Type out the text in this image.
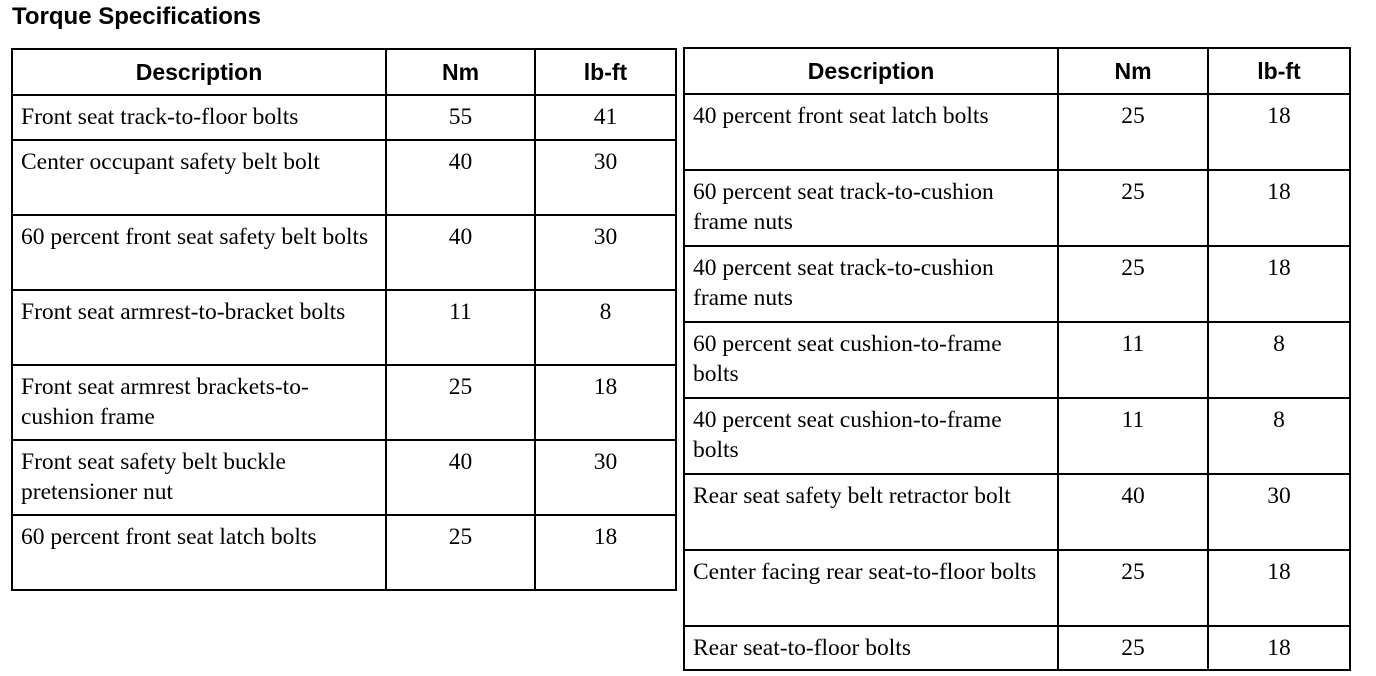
Torque Specifications
Description	Nm	lb-ft
Front seat track-to-floor bolts	55	41
Center occupant safety belt bolt	40	30
60 percent front seat safety belt bolts	40	30
Front seat armrest-to-bracket bolts	11	8
Front seat armrest brackets-to-cushion frame	25	18
Front seat safety belt buckle pretensioner nut	40	30
60 percent front seat latch bolts	25	18
Description	Nm	lb-ft
40 percent front seat latch bolts	25	18
60 percent seat track-to-cushion frame nuts	25	18
40 percent seat track-to-cushion frame nuts	25	18
60 percent seat cushion-to-frame bolts	11	8
40 percent seat cushion-to-frame bolts	11	8
Rear seat safety belt retractor bolt	40	30
Center facing rear seat-to-floor bolts	25	18
Rear seat-to-floor bolts	25	18
